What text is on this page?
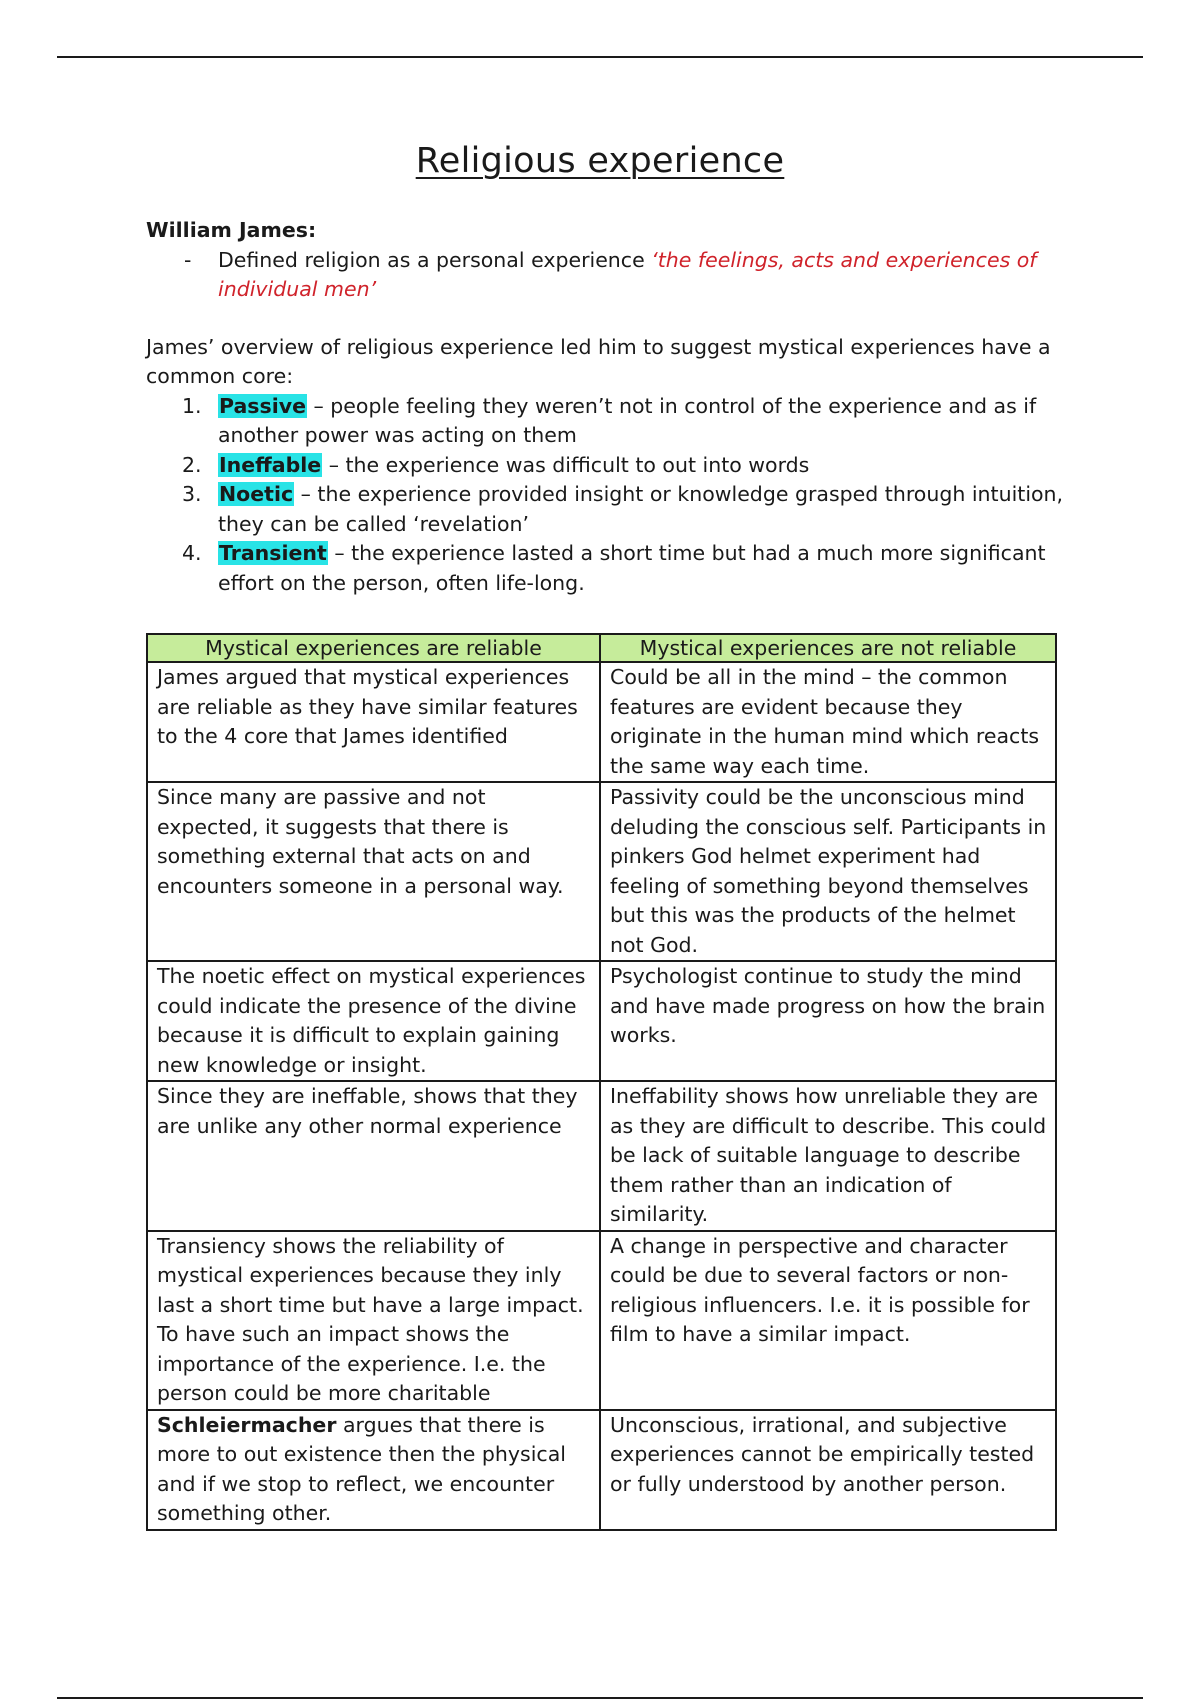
Religious experience
William James:
- Defined religion as a personal experience ‘the feelings, acts and experiences of individual men’
James’ overview of religious experience led him to suggest mystical experiences have a common core:
1. Passive – people feeling they weren’t not in control of the experience and as if another power was acting on them
2. Ineffable – the experience was difficult to out into words
3. Noetic – the experience provided insight or knowledge grasped through intuition, they can be called ‘revelation’
4. Transient – the experience lasted a short time but had a much more significant effort on the person, often life-long.
Mystical experiences are reliable	Mystical experiences are not reliable
James argued that mystical experiences are reliable as they have similar features to the 4 core that James identified	Could be all in the mind – the common features are evident because they originate in the human mind which reacts the same way each time.
Since many are passive and not expected, it suggests that there is something external that acts on and encounters someone in a personal way.	Passivity could be the unconscious mind deluding the conscious self. Participants in pinkers God helmet experiment had feeling of something beyond themselves but this was the products of the helmet not God.
The noetic effect on mystical experiences could indicate the presence of the divine because it is difficult to explain gaining new knowledge or insight.	Psychologist continue to study the mind and have made progress on how the brain works.
Since they are ineffable, shows that they are unlike any other normal experience	Ineffability shows how unreliable they are as they are difficult to describe. This could be lack of suitable language to describe them rather than an indication of similarity.
Transiency shows the reliability of mystical experiences because they inly last a short time but have a large impact. To have such an impact shows the importance of the experience. I.e. the person could be more charitable	A change in perspective and character could be due to several factors or non-religious influencers. I.e. it is possible for film to have a similar impact.
Schleiermacher argues that there is more to out existence then the physical and if we stop to reflect, we encounter something other.	Unconscious, irrational, and subjective experiences cannot be empirically tested or fully understood by another person.
